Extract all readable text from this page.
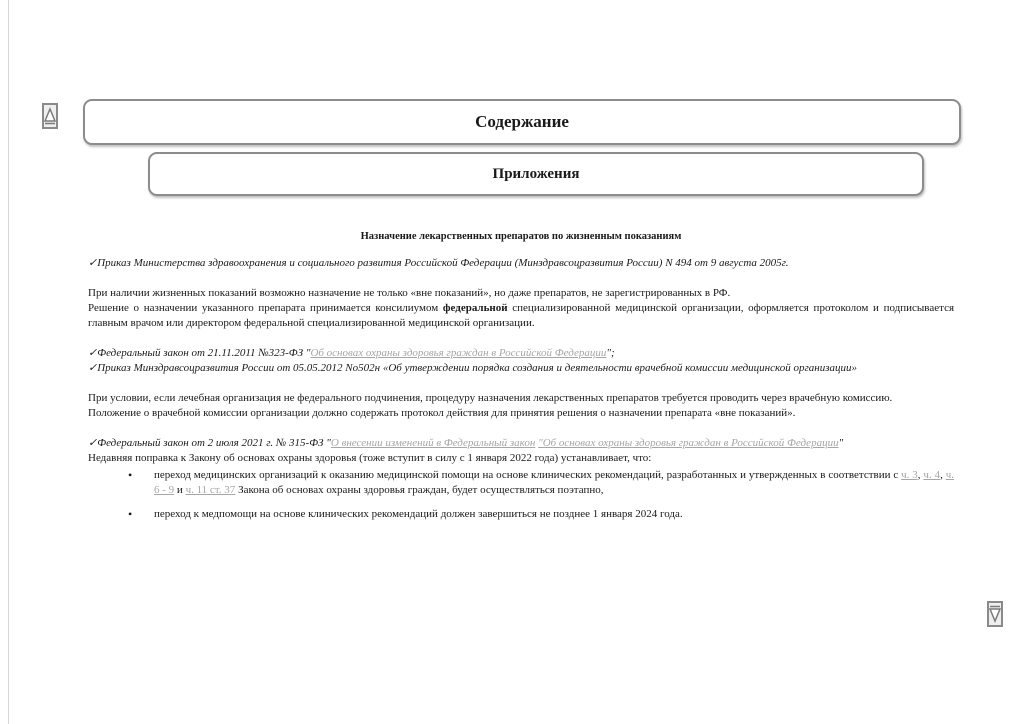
Содержание
Приложения
Назначение лекарственных препаратов по жизненным показаниям
✓Приказ Министерства здравоохранения и социального развития Российской Федерации (Минздравсоцразвития России) N 494 от 9 августа 2005г.

При наличии жизненных показаний возможно назначение не только «вне показаний», но даже препаратов, не зарегистрированных в РФ.

Решение о назначении указанного препарата принимается консилиумом федеральной специализированной медицинской организации, оформляется протоколом и подписывается главным врачом или директором федеральной специализированной медицинской организации.

✓Федеральный закон от 21.11.2011 №323-ФЗ "Об основах охраны здоровья граждан в Российской Федерации";
✓Приказ Минздравсоцразвития России от 05.05.2012 No502н «Об утверждении порядка создания и деятельности врачебной комиссии медицинской организации»

При условии, если лечебная организация не федерального подчинения, процедуру назначения лекарственных препаратов требуется проводить через врачебную комиссию.

Положение о врачебной комиссии организации должно содержать протокол действия для принятия решения о назначении препарата «вне показаний».

✓Федеральный закон от 2 июля 2021 г. № 315-ФЗ "О внесении изменений в Федеральный закон "Об основах охраны здоровья граждан в Российской Федерации"

Недавняя поправка к Закону об основах охраны здоровья (тоже вступит в силу с 1 января 2022 года) устанавливает, что:

• переход медицинских организаций к оказанию медицинской помощи на основе клинических рекомендаций, разработанных и утвержденных в соответствии с ч. 3, ч. 4, ч. 6 - 9 и ч. 11 ст. 37 Закона об основах охраны здоровья граждан, будет осуществляться поэтапно,
• переход к медпомощи на основе клинических рекомендаций должен завершиться не позднее 1 января 2024 года.
